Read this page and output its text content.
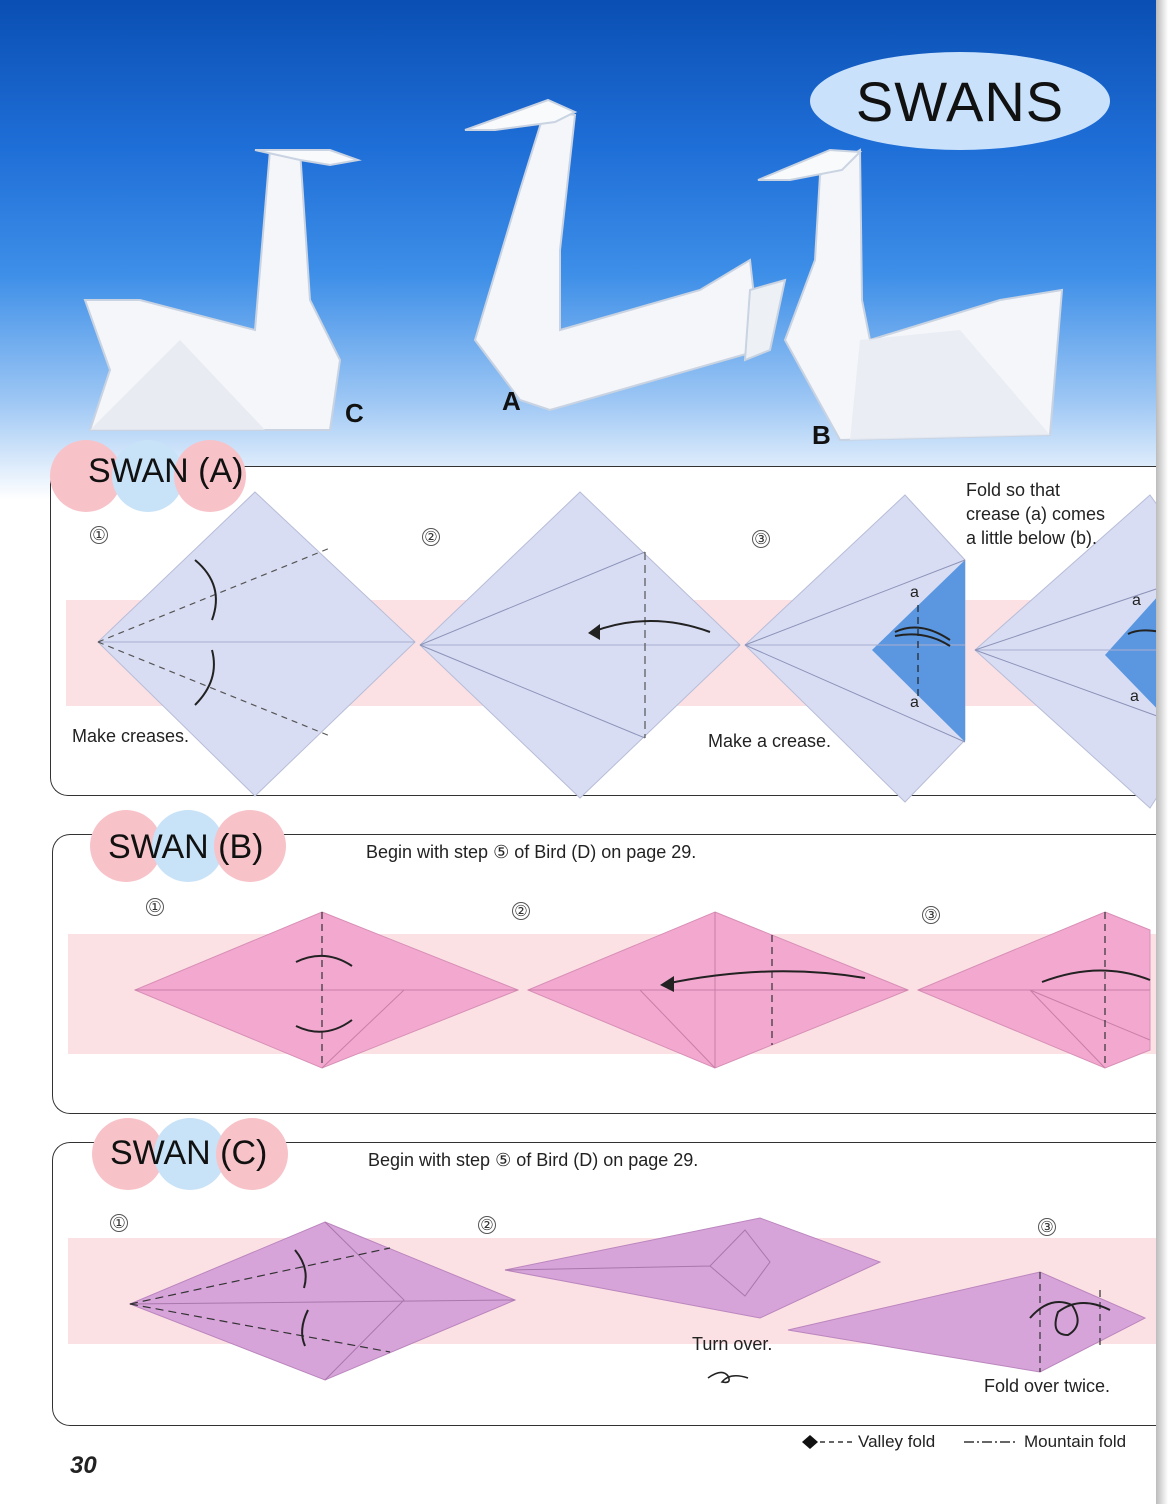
SWANS
C	A
B
SWAN (A)
①	②	③
a
a
a
a
Make creases.	Make a crease.
Fold so that
crease (a) comes
a little below (b).
SWAN (B)	Begin with step ⑤ of Bird (D) on page 29.
①	②	③
SWAN (C)	Begin with step ⑤ of Bird (D) on page 29.
①	②	③
Turn over.
Fold over twice.
Valley fold	Mountain fold
30
